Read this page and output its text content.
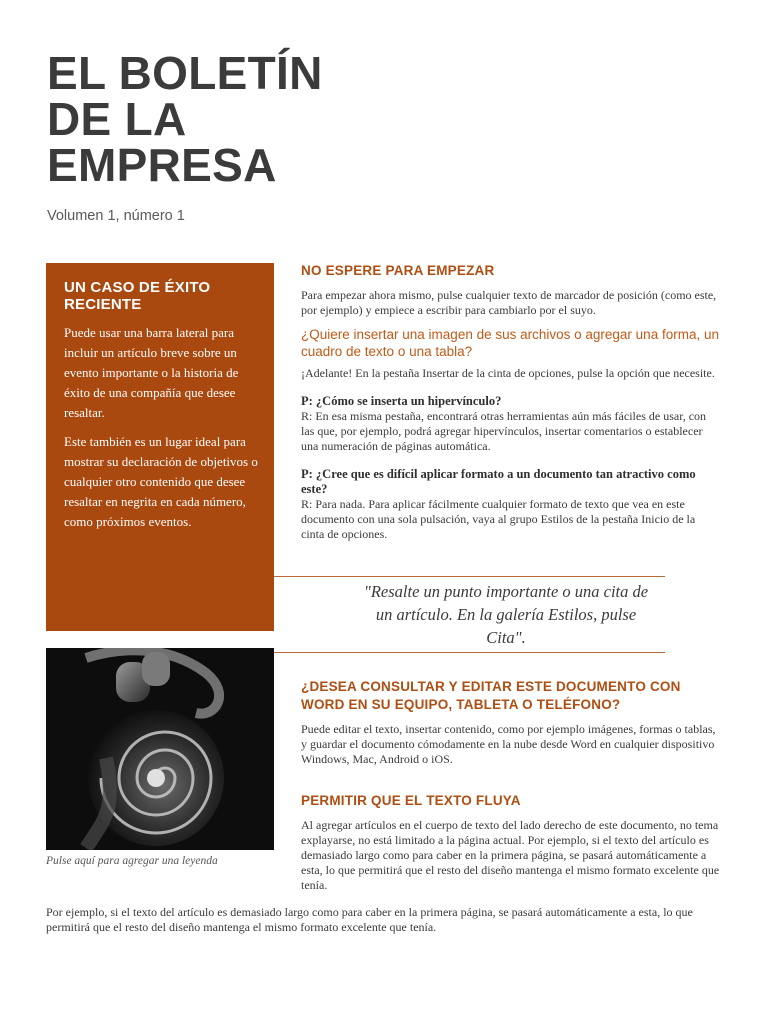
EL BOLETÍN
DE LA
EMPRESA
Volumen 1, número 1
UN CASO DE ÉXITO RECIENTE

Puede usar una barra lateral para incluir un artículo breve sobre un evento importante o la historia de éxito de una compañía que desee resaltar.

Este también es un lugar ideal para mostrar su declaración de objetivos o cualquier otro contenido que desee resaltar en negrita en cada número, como próximos eventos.

Pulse aquí para agregar una leyenda
NO ESPERE PARA EMPEZAR

Para empezar ahora mismo, pulse cualquier texto de marcador de posición (como este, por ejemplo) y empiece a escribir para cambiarlo por el suyo.

¿Quiere insertar una imagen de sus archivos o agregar una forma, un cuadro de texto o una tabla?

¡Adelante! En la pestaña Insertar de la cinta de opciones, pulse la opción que necesite.

P: ¿Cómo se inserta un hipervínculo?

R: En esa misma pestaña, encontrará otras herramientas aún más fáciles de usar, con las que, por ejemplo, podrá agregar hipervínculos, insertar comentarios o establecer una numeración de páginas automática.

P: ¿Cree que es difícil aplicar formato a un documento tan atractivo como este?

R: Para nada. Para aplicar fácilmente cualquier formato de texto que vea en este documento con una sola pulsación, vaya al grupo Estilos de la pestaña Inicio de la cinta de opciones.

"Resalte un punto importante o una cita de un artículo. En la galería Estilos, pulse Cita".
¿DESEA CONSULTAR Y EDITAR ESTE DOCUMENTO CON WORD EN SU EQUIPO, TABLETA O TELÉFONO?

Puede editar el texto, insertar contenido, como por ejemplo imágenes, formas o tablas, y guardar el documento cómodamente en la nube desde Word en cualquier dispositivo Windows, Mac, Android o iOS.

PERMITIR QUE EL TEXTO FLUYA

Al agregar artículos en el cuerpo de texto del lado derecho de este documento, no tema explayarse, no está limitado a la página actual. Por ejemplo, si el texto del artículo es demasiado largo como para caber en la primera página, se pasará automáticamente a esta, lo que permitirá que el resto del diseño mantenga el mismo formato excelente que tenía.

Por ejemplo, si el texto del artículo es demasiado largo como para caber en la primera página, se pasará automáticamente a esta, lo que permitirá que el resto del diseño mantenga el mismo formato excelente que tenía.
